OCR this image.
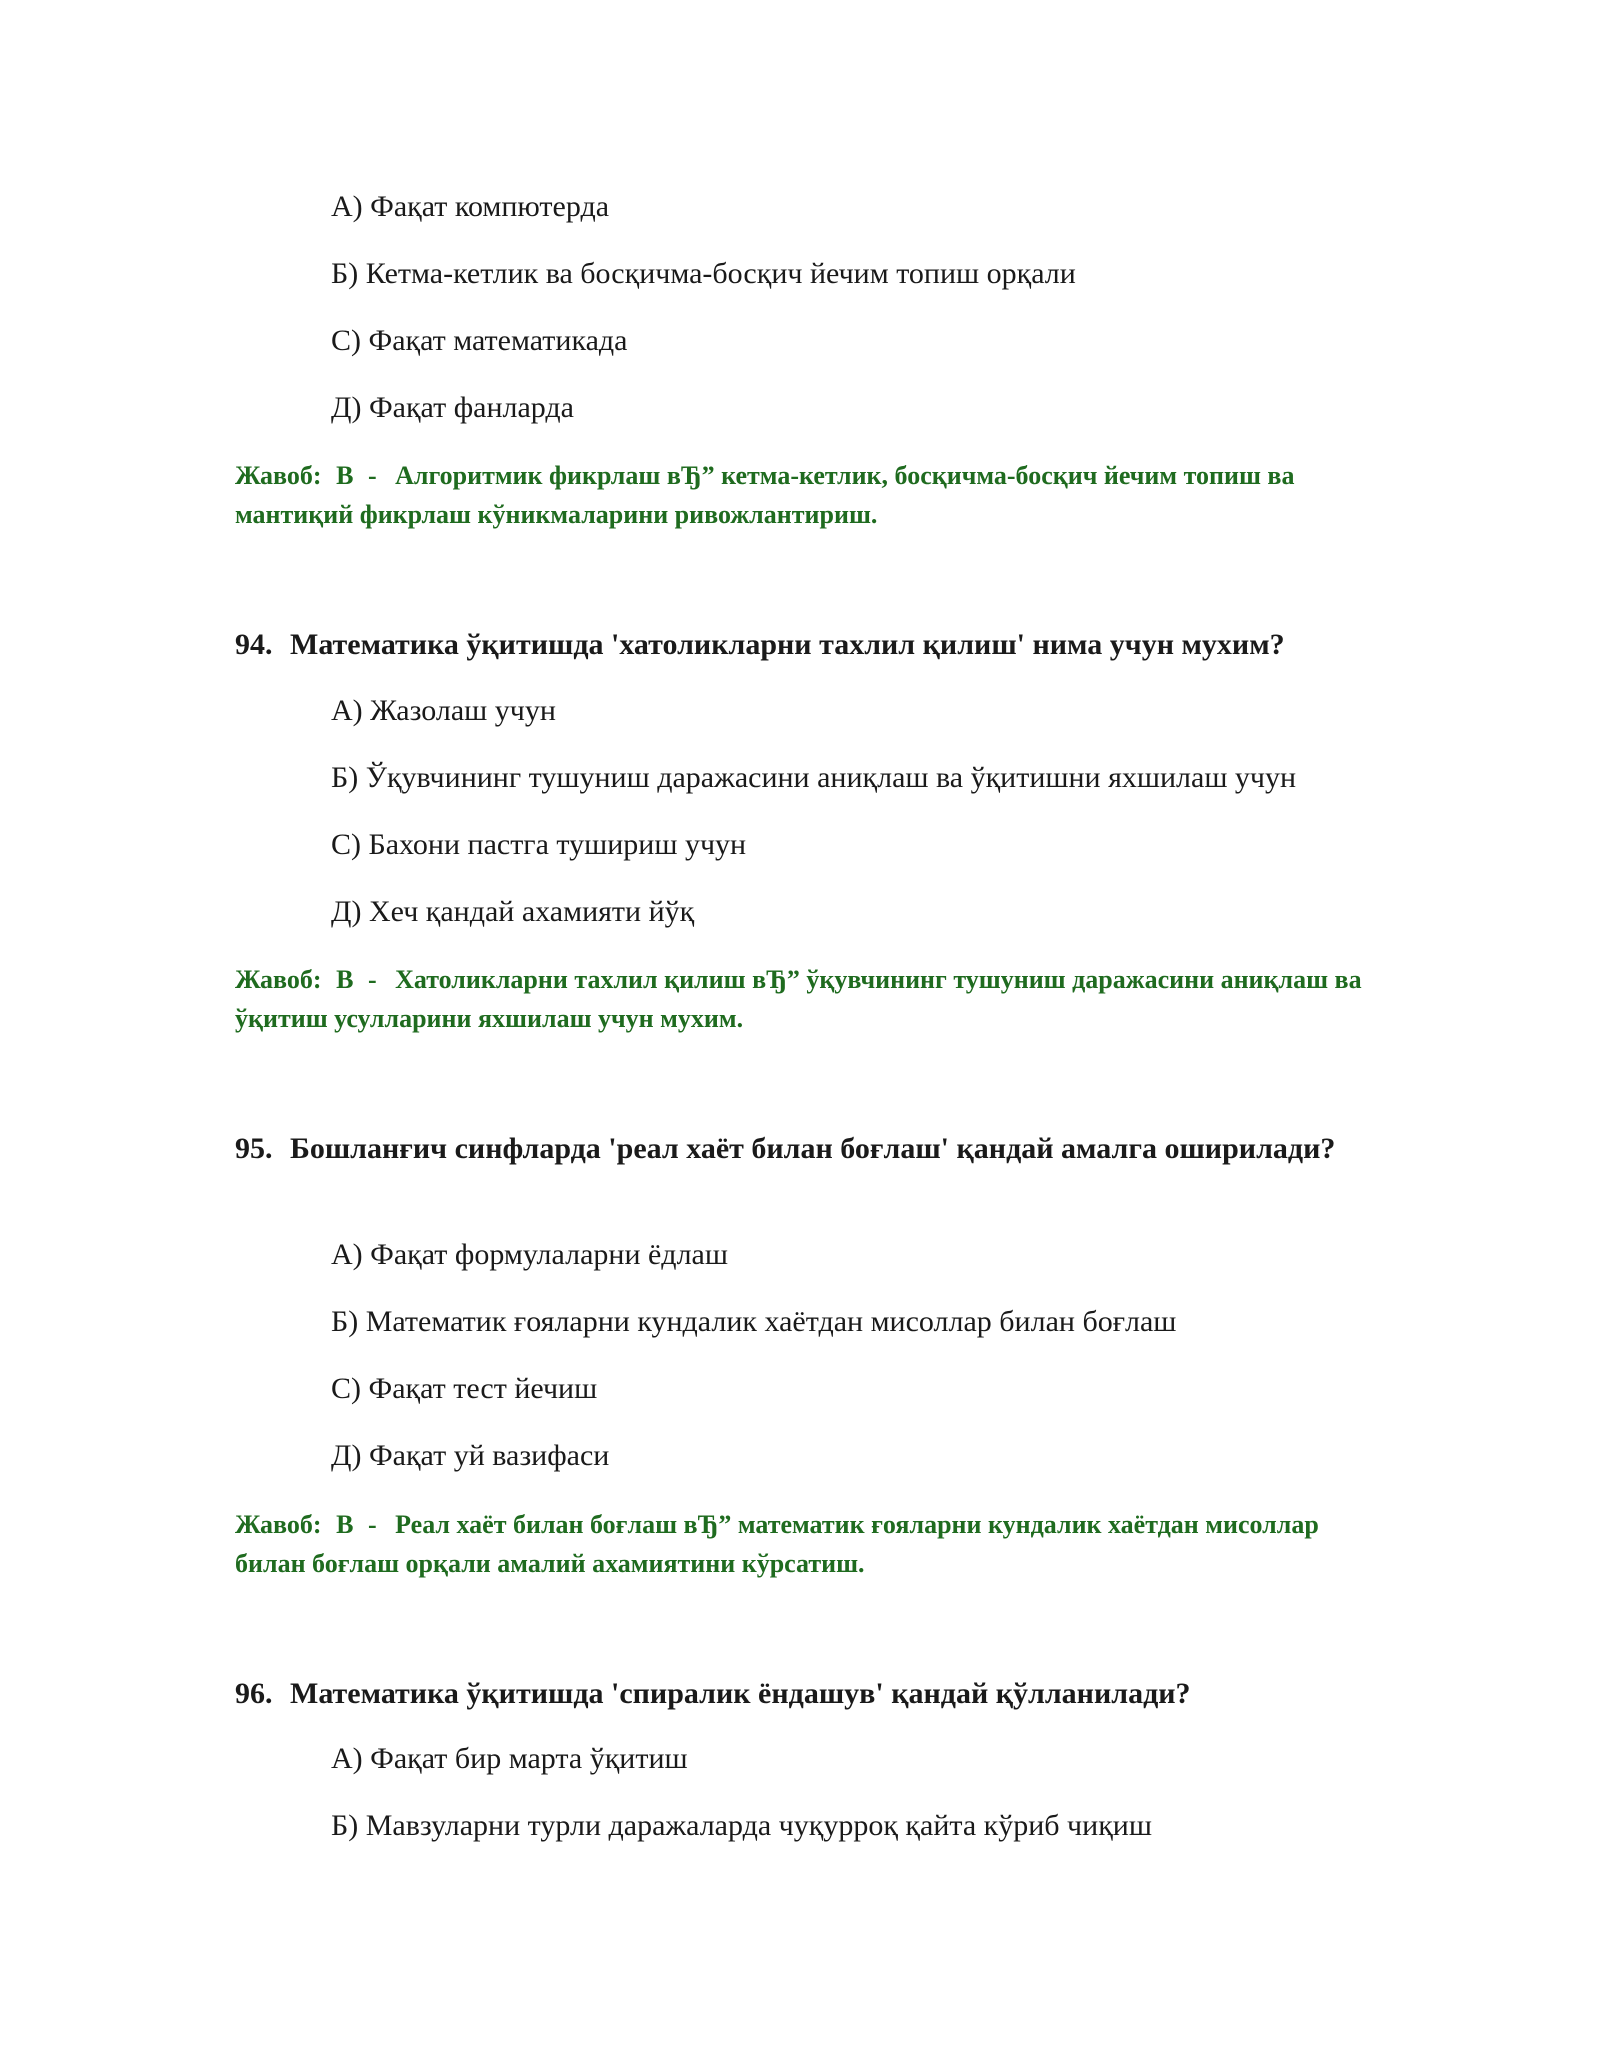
А) Фақат компютерда
Б) Кетма-кетлик ва босқичма-босқич йечим топиш орқали
С) Фақат математикада
Д) Фақат фанларда
Жавоб: B - Алгоритмик фикрлаш вЂ” кетма-кетлик, босқичма-босқич йечим топиш ва мантиқий фикрлаш кўникмаларини ривожлантириш.
94. Математика ўқитишда 'хатоликларни тахлил қилиш' нима учун мухим?
А) Жазолаш учун
Б) Ўқувчининг тушуниш даражасини аниқлаш ва ўқитишни яхшилаш учун
С) Бахони пастга тушириш учун
Д) Хеч қандай ахамияти йўқ
Жавоб: B - Хатоликларни тахлил қилиш вЂ” ўқувчининг тушуниш даражасини аниқлаш ва ўқитиш усулларини яхшилаш учун мухим.
95. Бошланғич синфларда 'реал хаёт билан боғлаш' қандай амалга оширилади?
А) Фақат формулаларни ёдлаш
Б) Математик ғояларни кундалик хаётдан мисоллар билан боғлаш
С) Фақат тест йечиш
Д) Фақат уй вазифаси
Жавоб: B - Реал хаёт билан боғлаш вЂ” математик ғояларни кундалик хаётдан мисоллар билан боғлаш орқали амалий ахамиятини кўрсатиш.
96. Математика ўқитишда 'спиралик ёндашув' қандай қўлланилади?
А) Фақат бир марта ўқитиш
Б) Мавзуларни турли даражаларда чуқурроқ қайта кўриб чиқиш
